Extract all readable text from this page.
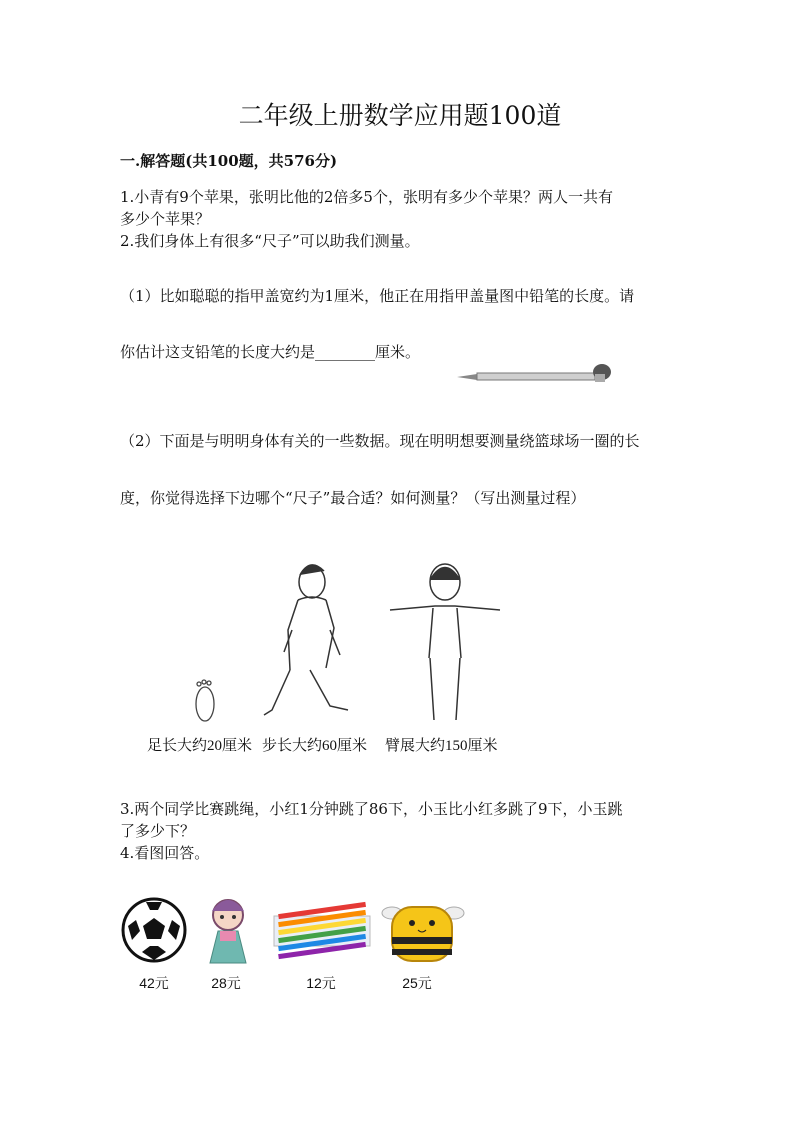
二年级上册数学应用题100道
一.解答题(共100题，共576分)
1.小青有9个苹果，张明比他的2倍多5个，张明有多少个苹果？两人一共有
多少个苹果？
2.我们身体上有很多“尺子”可以助我们测量。
（1）比如聪聪的指甲盖宽约为1厘米，他正在用指甲盖量图中铅笔的长度。请
你估计这支铅笔的长度大约是________厘米。
（2）下面是与明明身体有关的一些数据。现在明明想要测量绕篮球场一圈的长
度，你觉得选择下边哪个“尺子”最合适？如何测量？（写出测量过程）
足长大约20厘米 步长大约60厘米 臂展大约150厘米
3.两个同学比赛跳绳，小红1分钟跳了86下，小玉比小红多跳了9下，小玉跳
了多少下？
4.看图回答。
42元	28元	12元	25元
